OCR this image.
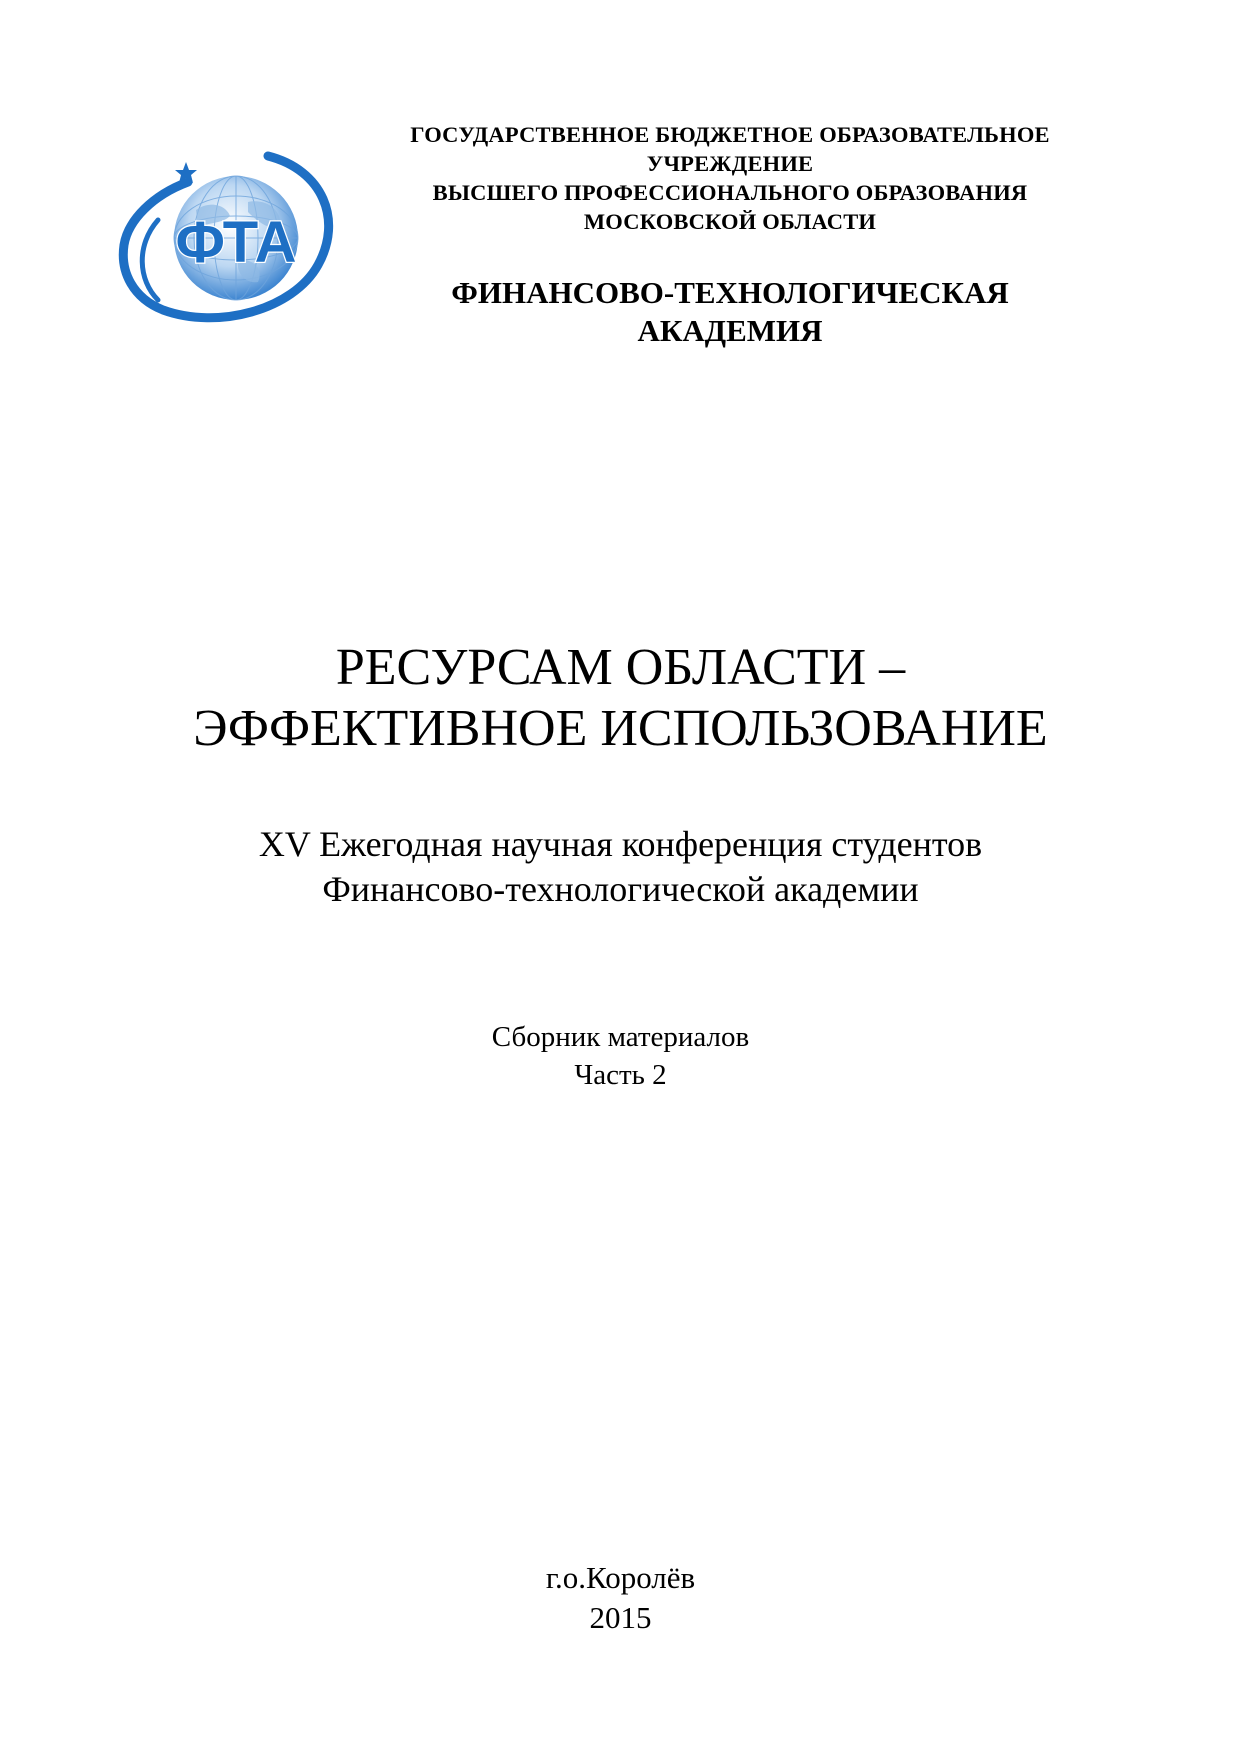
ФТА
ГОСУДАРСТВЕННОЕ БЮДЖЕТНОЕ ОБРАЗОВАТЕЛЬНОЕ
УЧРЕЖДЕНИЕ
ВЫСШЕГО ПРОФЕССИОНАЛЬНОГО ОБРАЗОВАНИЯ
МОСКОВСКОЙ ОБЛАСТИ
ФИНАНСОВО-ТЕХНОЛОГИЧЕСКАЯ
АКАДЕМИЯ
РЕСУРСАМ ОБЛАСТИ –
ЭФФЕКТИВНОЕ ИСПОЛЬЗОВАНИЕ
XV Ежегодная научная конференция студентов
Финансово-технологической академии
Сборник материалов
Часть 2
г.о.Королёв
2015
